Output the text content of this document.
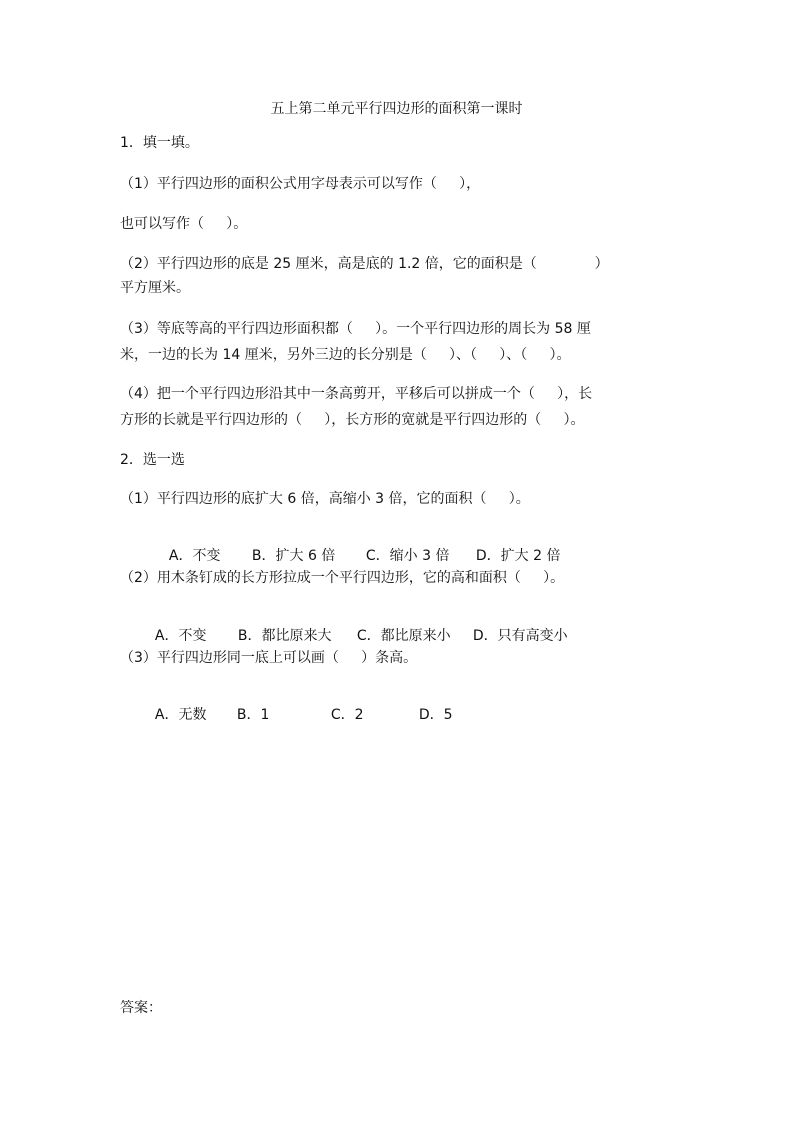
五上第二单元平行四边形的面积第一课时
1．填一填。
（1）平行四边形的面积公式用字母表示可以写作（     ），
也可以写作（     ）。
（2）平行四边形的底是 25 厘米，高是底的 1.2 倍，它的面积是（             ）
平方厘米。
（3）等底等高的平行四边形面积都（     ）。一个平行四边形的周长为 58 厘
米，一边的长为 14 厘米，另外三边的长分别是（     ）、（     ）、（     ）。
（4）把一个平行四边形沿其中一条高剪开，平移后可以拼成一个（     ），长
方形的长就是平行四边形的（     ），长方形的宽就是平行四边形的（     ）。
2．选一选
（1）平行四边形的底扩大 6 倍，高缩小 3 倍，它的面积（     ）。

A．不变 B．扩大 6 倍 C．缩小 3 倍 D．扩大 2 倍

（2）用木条钉成的长方形拉成一个平行四边形，它的高和面积（     ）。

A．不变 B．都比原来大 C．都比原来小 D．只有高变小

（3）平行四边形同一底上可以画（     ）条高。

A．无数 B．1	C．2	D．5

答案：
